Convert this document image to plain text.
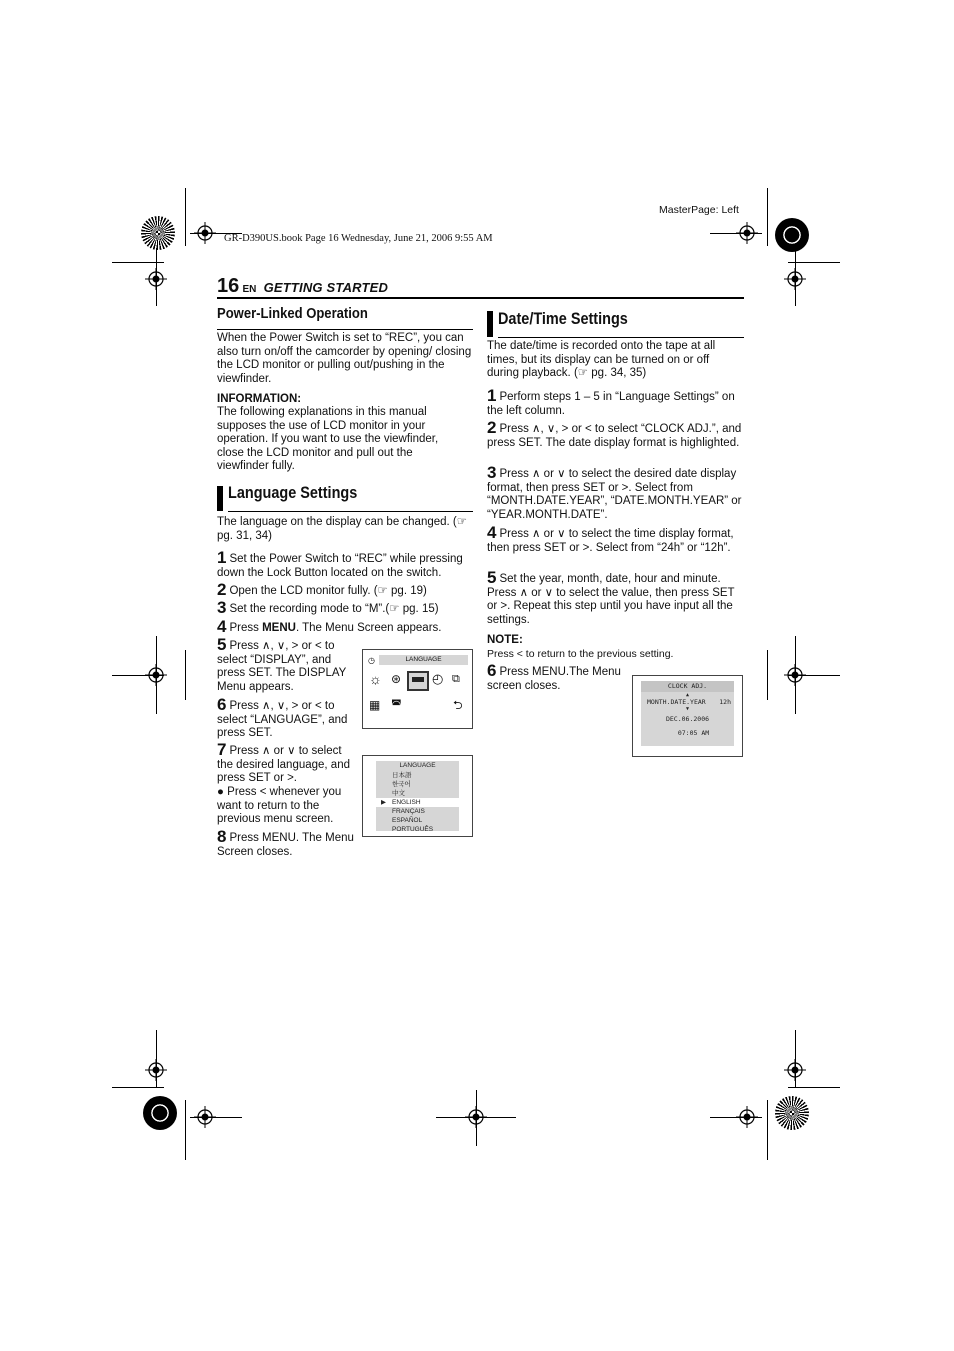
GR-D390US.book Page 16 Wednesday, June 21, 2006 9:55 AM
MasterPage: Left
16 EN GETTING STARTED
Power-Linked Operation

When the Power Switch is set to “REC”, you can also turn on/off the camcorder by opening/ closing the LCD monitor or pulling out/pushing in the viewfinder.

INFORMATION:

The following explanations in this manual supposes the use of LCD monitor in your operation. If you want to use the viewfinder, close the LCD monitor and pull out the viewfinder fully.

Language Settings

The language on the display can be changed. (☞ pg. 31, 34)

1 Set the Power Switch to “REC” while pressing down the Lock Button located on the switch.
2 Open the LCD monitor fully. (☞ pg. 19)
3 Set the recording mode to “M”.(☞ pg. 15)
4 Press MENU. The Menu Screen appears.
5 Press ∧, ∨, > or < to select “DISPLAY”, and press SET. The DISPLAY Menu appears.
6 Press ∧, ∨, > or < to select “LANGUAGE”, and press SET.
7 Press ∧ or ∨ to select the desired language, and press SET or >.
● Press < whenever you want to return to the previous menu screen.
8 Press MENU. The Menu Screen closes.
LANGUAGE
◷
☼ ⊛ ◴ ⧉
▦ ◚	⮌
LANGUAGE
日本語
한국어
中文
▶ ENGLISH
FRANÇAIS
ESPAÑOL
PORTUGUÊS
Date/Time Settings

The date/time is recorded onto the tape at all times, but its display can be turned on or off during playback. (☞ pg. 34, 35)

1 Perform steps 1 – 5 in “Language Settings” on the left column.
2 Press ∧, ∨, > or < to select “CLOCK ADJ.”, and press SET. The date display format is highlighted.
3 Press ∧ or ∨ to select the desired date display format, then press SET or >. Select from “MONTH.DATE.YEAR”, “DATE.MONTH.YEAR” or “YEAR.MONTH.DATE”.
4 Press ∧ or ∨ to select the time display format, then press SET or >. Select from “24h” or “12h”.
5 Set the year, month, date, hour and minute. Press ∧ or ∨ to select the value, then press SET or >. Repeat this step until you have input all the settings.

NOTE:

Press < to return to the previous setting.

6 Press MENU.The Menu screen closes.	CLOCK ADJ.
▲
MONTH.DATE.YEAR 12h
▼
DEC.06.2006
07:05 AM
